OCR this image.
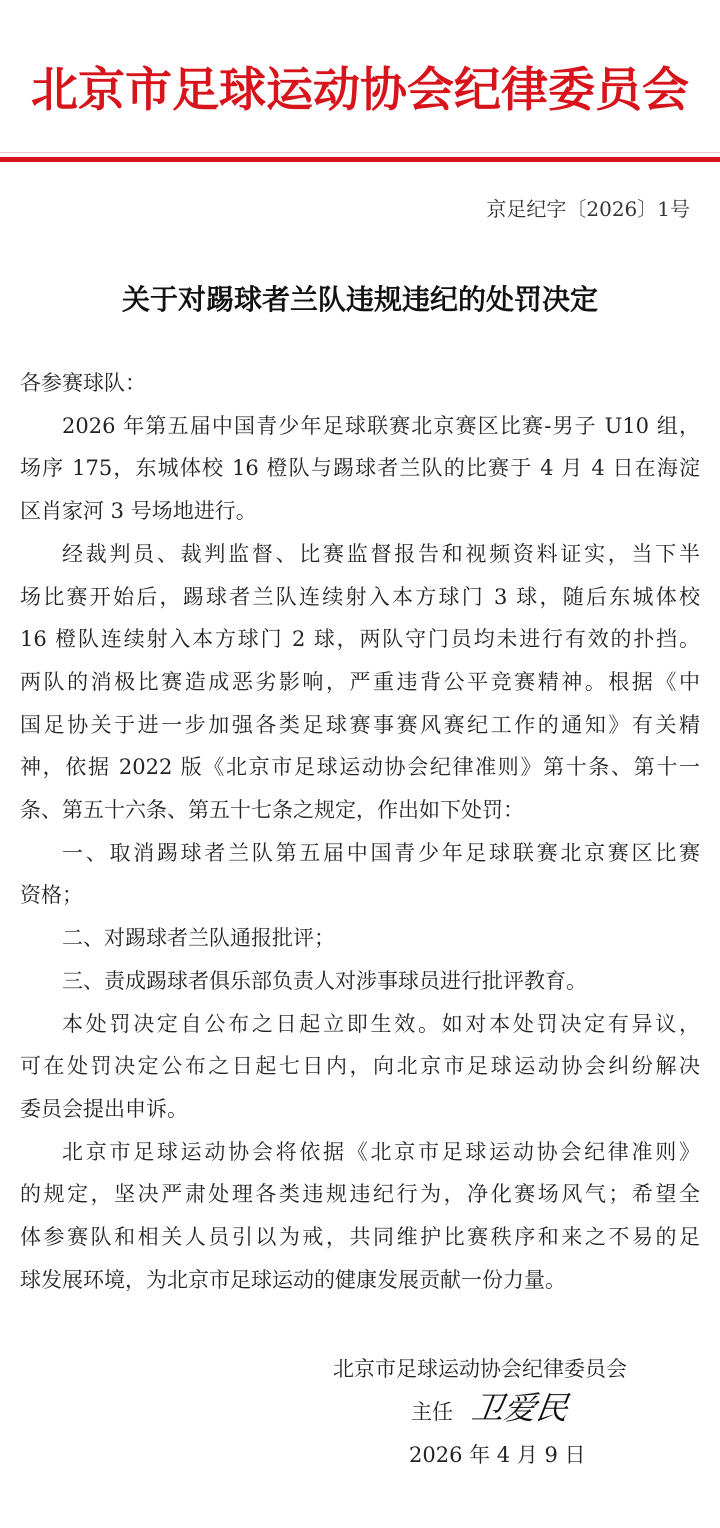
北京市足球运动协会纪律委员会
京足纪字〔2026〕1号
关于对踢球者兰队违规违纪的处罚决定
各参赛球队：
2026 年第五届中国青少年足球联赛北京赛区比赛-男子 U10 组，
场序 175，东城体校 16 橙队与踢球者兰队的比赛于 4 月 4 日在海淀
区肖家河 3 号场地进行。
经裁判员、裁判监督、比赛监督报告和视频资料证实，当下半
场比赛开始后，踢球者兰队连续射入本方球门 3 球，随后东城体校
16 橙队连续射入本方球门 2 球，两队守门员均未进行有效的扑挡。
两队的消极比赛造成恶劣影响，严重违背公平竞赛精神。根据《中
国足协关于进一步加强各类足球赛事赛风赛纪工作的通知》有关精
神，依据 2022 版《北京市足球运动协会纪律准则》第十条、第十一
条、第五十六条、第五十七条之规定，作出如下处罚：
一、取消踢球者兰队第五届中国青少年足球联赛北京赛区比赛
资格；
二、对踢球者兰队通报批评；
三、责成踢球者俱乐部负责人对涉事球员进行批评教育。
本处罚决定自公布之日起立即生效。如对本处罚决定有异议，
可在处罚决定公布之日起七日内，向北京市足球运动协会纠纷解决
委员会提出申诉。
北京市足球运动协会将依据《北京市足球运动协会纪律准则》
的规定，坚决严肃处理各类违规违纪行为，净化赛场风气；希望全
体参赛队和相关人员引以为戒，共同维护比赛秩序和来之不易的足
球发展环境，为北京市足球运动的健康发展贡献一份力量。
北京市足球运动协会纪律委员会
主任 卫爱民
2026 年 4 月 9 日
